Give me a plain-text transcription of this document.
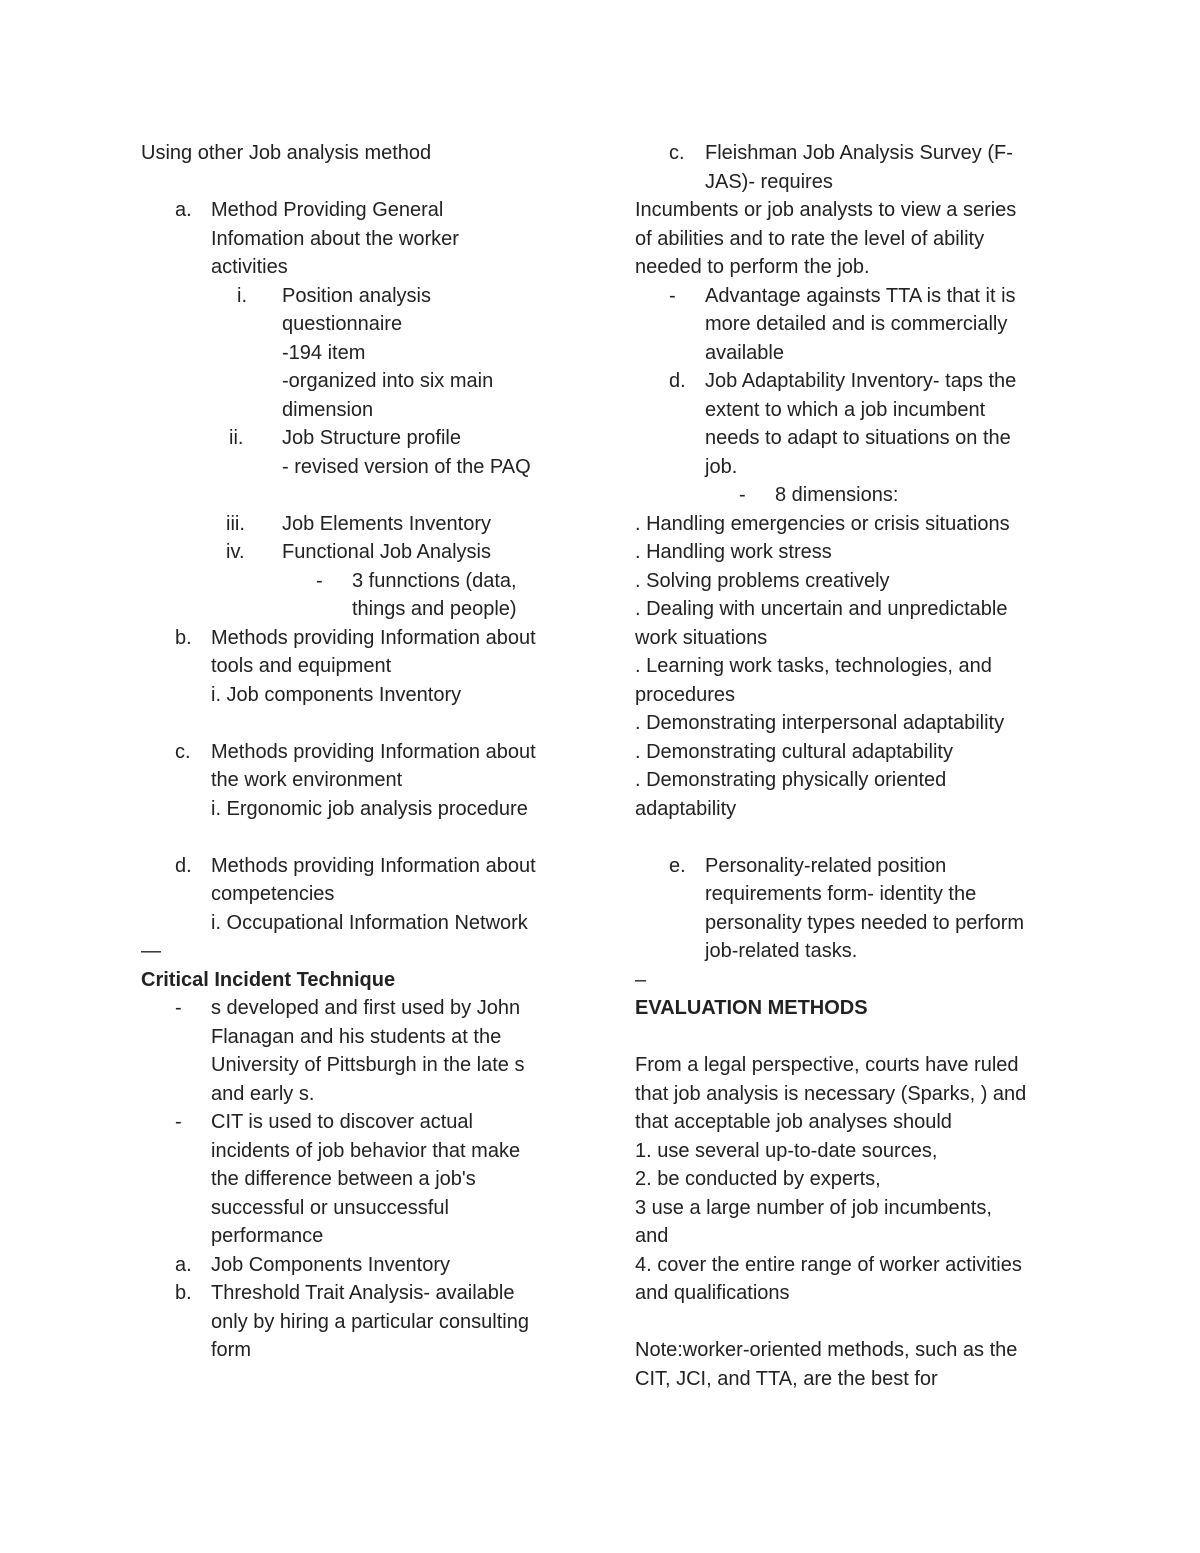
Using other Job analysis method
a. Method Providing General
Infomation about the worker
activities
i. Position analysis
questionnaire
-194 item
-organized into six main
dimension
ii. Job Structure profile
- revised version of the PAQ
iii. Job Elements Inventory
iv. Functional Job Analysis
- 3 funnctions (data,
things and people)
b. Methods providing Information about
tools and equipment
i. Job components Inventory
c. Methods providing Information about
the work environment
i. Ergonomic job analysis procedure
d. Methods providing Information about
competencies
i. Occupational Information Network
—
Critical Incident Technique
- s developed and first used by John
Flanagan and his students at the
University of Pittsburgh in the late s
and early s.
- CIT is used to discover actual
incidents of job behavior that make
the difference between a job's
successful or unsuccessful
performance
a. Job Components Inventory
b. Threshold Trait Analysis- available
only by hiring a particular consulting
form
c. Fleishman Job Analysis Survey (F-
JAS)- requires
Incumbents or job analysts to view a series
of abilities and to rate the level of ability
needed to perform the job.
- Advantage againsts TTA is that it is
more detailed and is commercially
available
d. Job Adaptability Inventory- taps the
extent to which a job incumbent
needs to adapt to situations on the
job.
- 8 dimensions:
. Handling emergencies or crisis situations
. Handling work stress
. Solving problems creatively
. Dealing with uncertain and unpredictable
work situations
. Learning work tasks, technologies, and
procedures
. Demonstrating interpersonal adaptability
. Demonstrating cultural adaptability
. Demonstrating physically oriented
adaptability
e. Personality-related position
requirements form- identity the
personality types needed to perform
job-related tasks.
–
EVALUATION METHODS
From a legal perspective, courts have ruled
that job analysis is necessary (Sparks, ) and
that acceptable job analyses should
1. use several up-to-date sources,
2. be conducted by experts,
3 use a large number of job incumbents,
and
4. cover the entire range of worker activities
and qualifications
Note:worker-oriented methods, such as the
CIT, JCI, and TTA, are the best for
